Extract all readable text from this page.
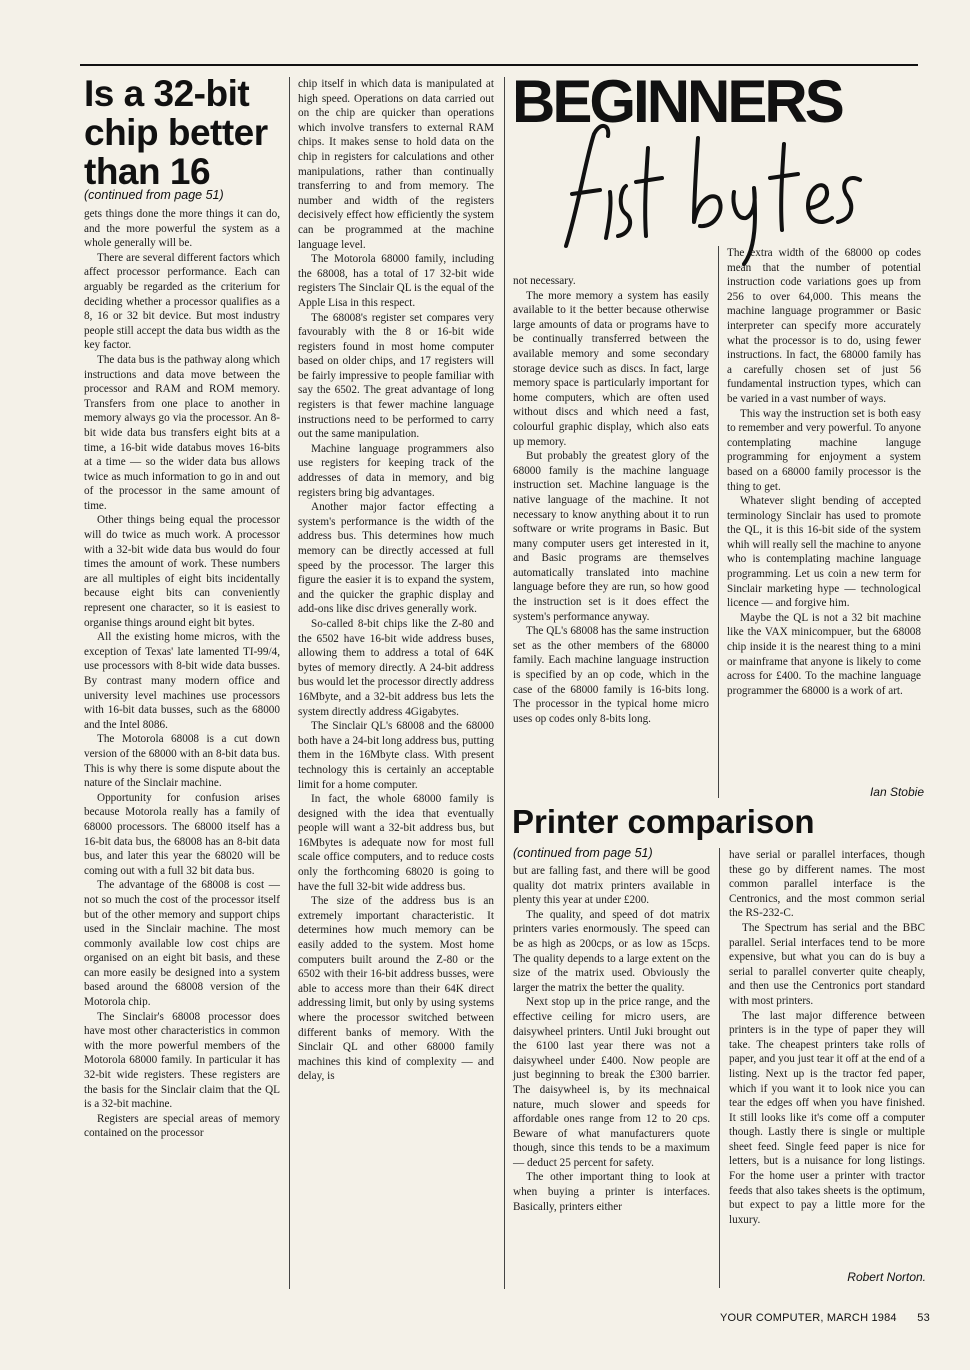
Is a 32-bit chip better than 16
(continued from page 51)

gets things done the more things it can do, and the more powerful the system as a whole generally will be.

There are several different factors which affect processor performance. Each can arguably be regarded as the criterium for deciding whether a processor qualifies as a 8, 16 or 32 bit device. But most industry people still accept the data bus width as the key factor.

The data bus is the pathway along which instructions and data move between the processor and RAM and ROM memory. Transfers from one place to another in memory always go via the processor. An 8-bit wide data bus transfers eight bits at a time, a 16-bit wide databus moves 16-bits at a time — so the wider data bus allows twice as much information to go in and out of the processor in the same amount of time.

Other things being equal the processor will do twice as much work. A processor with a 32-bit wide data bus would do four times the amount of work. These numbers are all multiples of eight bits incidentally because eight bits can conveniently represent one character, so it is easiest to organise things around eight bit bytes.

All the existing home micros, with the exception of Texas' late lamented TI-99/4, use processors with 8-bit wide data busses. By contrast many modern office and university level machines use processors with 16-bit data busses, such as the 68000 and the Intel 8086.

The Motorola 68008 is a cut down version of the 68000 with an 8-bit data bus. This is why there is some dispute about the nature of the Sinclair machine.

Opportunity for confusion arises because Motorola really has a family of 68000 processors. The 68000 itself has a 16-bit data bus, the 68008 has an 8-bit data bus, and later this year the 68020 will be coming out with a full 32 bit data bus.

The advantage of the 68008 is cost — not so much the cost of the processor itself but of the other memory and support chips used in the Sinclair machine. The most commonly available low cost chips are organised on an eight bit basis, and these can more easily be designed into a system based around the 68008 version of the Motorola chip.

The Sinclair's 68008 processor does have most other characteristics in common with the more powerful members of the Motorola 68000 family. In particular it has 32-bit wide registers. These registers are the basis for the Sinclair claim that the QL is a 32-bit machine.

Registers are special areas of memory contained on the processor

chip itself in which data is manipulated at high speed. Operations on data carried out on the chip are quicker than operations which involve transfers to external RAM chips. It makes sense to hold data on the chip in registers for calculations and other manipulations, rather than continually transferring to and from memory. The number and width of the registers decisively effect how efficiently the system can be programmed at the machine language level.

The Motorola 68000 family, including the 68008, has a total of 17 32-bit wide registers The Sinclair QL is the equal of the Apple Lisa in this respect.

The 68008's register set compares very favourably with the 8 or 16-bit wide registers found in most home computer based on older chips, and 17 registers will be fairly impressive to people familiar with say the 6502. The great advantage of long registers is that fewer machine language instructions need to be performed to carry out the same manipulation.

Machine language programmers also use registers for keeping track of the addresses of data in memory, and big registers bring big advantages.

Another major factor effecting a system's performance is the width of the address bus. This determines how much memory can be directly accessed at full speed by the processor. The larger this figure the easier it is to expand the system, and the quicker the graphic display and add-ons like disc drives generally work.

So-called 8-bit chips like the Z-80 and the 6502 have 16-bit wide address buses, allowing them to address a total of 64K bytes of memory directly. A 24-bit address bus would let the processor directly address 16Mbyte, and a 32-bit address bus lets the system directly address 4Gigabytes.

The Sinclair QL's 68008 and the 68000 both have a 24-bit long address bus, putting them in the 16Mbyte class. With present technology this is certainly an acceptable limit for a home computer.

In fact, the whole 68000 family is designed with the idea that eventually people will want a 32-bit address bus, but 16Mbytes is adequate now for most full scale office computers, and to reduce costs only the forthcoming 68020 is going to have the full 32-bit wide address bus.

The size of the address bus is an extremely important characteristic. It determines how much memory can be easily added to the system. Most home computers built around the Z-80 or the 6502 with their 16-bit address busses, were able to access more than their 64K direct addressing limit, but only by using systems where the processor switched between different banks of memory. With the Sinclair QL and other 68000 family machines this kind of complexity — and delay, is

BEGINNERS

not necessary.

The more memory a system has easily available to it the better because otherwise large amounts of data or programs have to be continually transferred between the available memory and some secondary storage device such as discs. In fact, large memory space is particularly important for home computers, which are often used without discs and which need a fast, colourful graphic display, which also eats up memory.

But probably the greatest glory of the 68000 family is the machine language instruction set. Machine language is the native language of the machine. It not necessary to know anything about it to run software or write programs in Basic. But many computer users get interested in it, and Basic programs are themselves automatically translated into machine language before they are run, so how good the instruction set is it does effect the system's performance anyway.

The QL's 68008 has the same instruction set as the other members of the 68000 family. Each machine language instruction is specified by an op code, which in the case of the 68000 family is 16-bits long. The processor in the typical home micro uses op codes only 8-bits long.

The extra width of the 68000 op codes mean that the number of potential instruction code variations goes up from 256 to over 64,000. This means the machine language programmer or Basic interpreter can specify more accurately what the processor is to do, using fewer instructions. In fact, the 68000 family has a carefully chosen set of just 56 fundamental instruction types, which can be varied in a vast number of ways.

This way the instruction set is both easy to remember and very powerful. To anyone contemplating machine languge programming for enjoyment a system based on a 68000 family processor is the thing to get.

Whatever slight bending of accepted terminology Sinclair has used to promote the QL, it is this 16-bit side of the system whih will really sell the machine to anyone who is contemplating machine language programming. Let us coin a new term for Sinclair marketing hype — technological licence — and forgive him.

Maybe the QL is not a 32 bit machine like the VAX minicompuer, but the 68008 chip inside it is the nearest thing to a mini or mainframe that anyone is likely to come across for £400. To the machine language programmer the 68000 is a work of art.

Ian Stobie
Printer comparison
(continued from page 51)

but are falling fast, and there will be good quality dot matrix printers available in plenty this year at under £200.

The quality, and speed of dot matrix printers varies enormously. The speed can be as high as 200cps, or as low as 15cps. The quality depends to a large extent on the size of the matrix used. Obviously the larger the matrix the better the quality.

Next stop up in the price range, and the effective ceiling for micro users, are daisywheel printers. Until Juki brought out the 6100 last year there was not a daisywheel under £400. Now people are just beginning to break the £300 barrier. The daisywheel is, by its mechnaical nature, much slower and speeds for affordable ones range from 12 to 20 cps. Beware of what manufacturers quote though, since this tends to be a maximum — deduct 25 percent for safety.

The other important thing to look at when buying a printer is interfaces. Basically, printers either

have serial or parallel interfaces, though these go by different names. The most common parallel interface is the Centronics, and the most common serial the RS-232-C.

The Spectrum has serial and the BBC parallel. Serial interfaces tend to be more expensive, but what you can do is buy a serial to parallel converter quite cheaply, and then use the Centronics port standard with most printers.

The last major difference between printers is in the type of paper they will take. The cheapest printers take rolls of paper, and you just tear it off at the end of a listing. Next up is the tractor fed paper, which if you want it to look nice you can tear the edges off when you have finished. It still looks like it's come off a computer though. Lastly there is single or multiple sheet feed. Single feed paper is nice for letters, but is a nuisance for long listings. For the home user a printer with tractor feeds that also takes sheets is the optimum, but expect to pay a little more for the luxury.

Robert Norton.
YOUR COMPUTER, MARCH 1984 53
